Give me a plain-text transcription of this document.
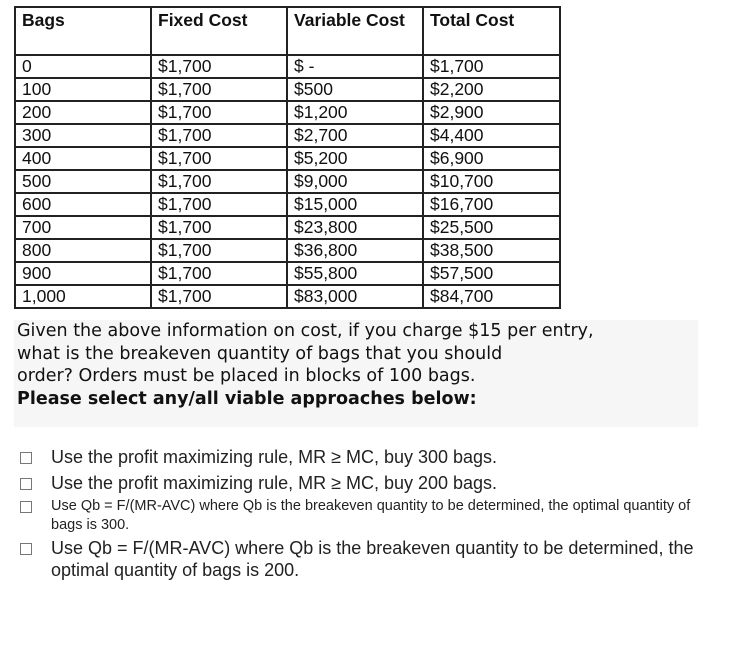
Bags	Fixed Cost	Variable Cost	Total Cost
0	$1,700	$ -	$1,700
100	$1,700	$500	$2,200
200	$1,700	$1,200	$2,900
300	$1,700	$2,700	$4,400
400	$1,700	$5,200	$6,900
500	$1,700	$9,000	$10,700
600	$1,700	$15,000	$16,700
700	$1,700	$23,800	$25,500
800	$1,700	$36,800	$38,500
900	$1,700	$55,800	$57,500
1,000	$1,700	$83,000	$84,700
Given the above information on cost, if you charge $15 per entry,
what is the breakeven quantity of bags that you should
order? Orders must be placed in blocks of 100 bags.
Please select any/all viable approaches below:
Use the profit maximizing rule, MR ≥ MC, buy 300 bags.
Use the profit maximizing rule, MR ≥ MC, buy 200 bags.
Use Qb = F/(MR-AVC) where Qb is the breakeven quantity to be determined, the optimal quantity of bags is 300.
Use Qb = F/(MR-AVC) where Qb is the breakeven quantity to be determined, the optimal quantity of bags is 200.
